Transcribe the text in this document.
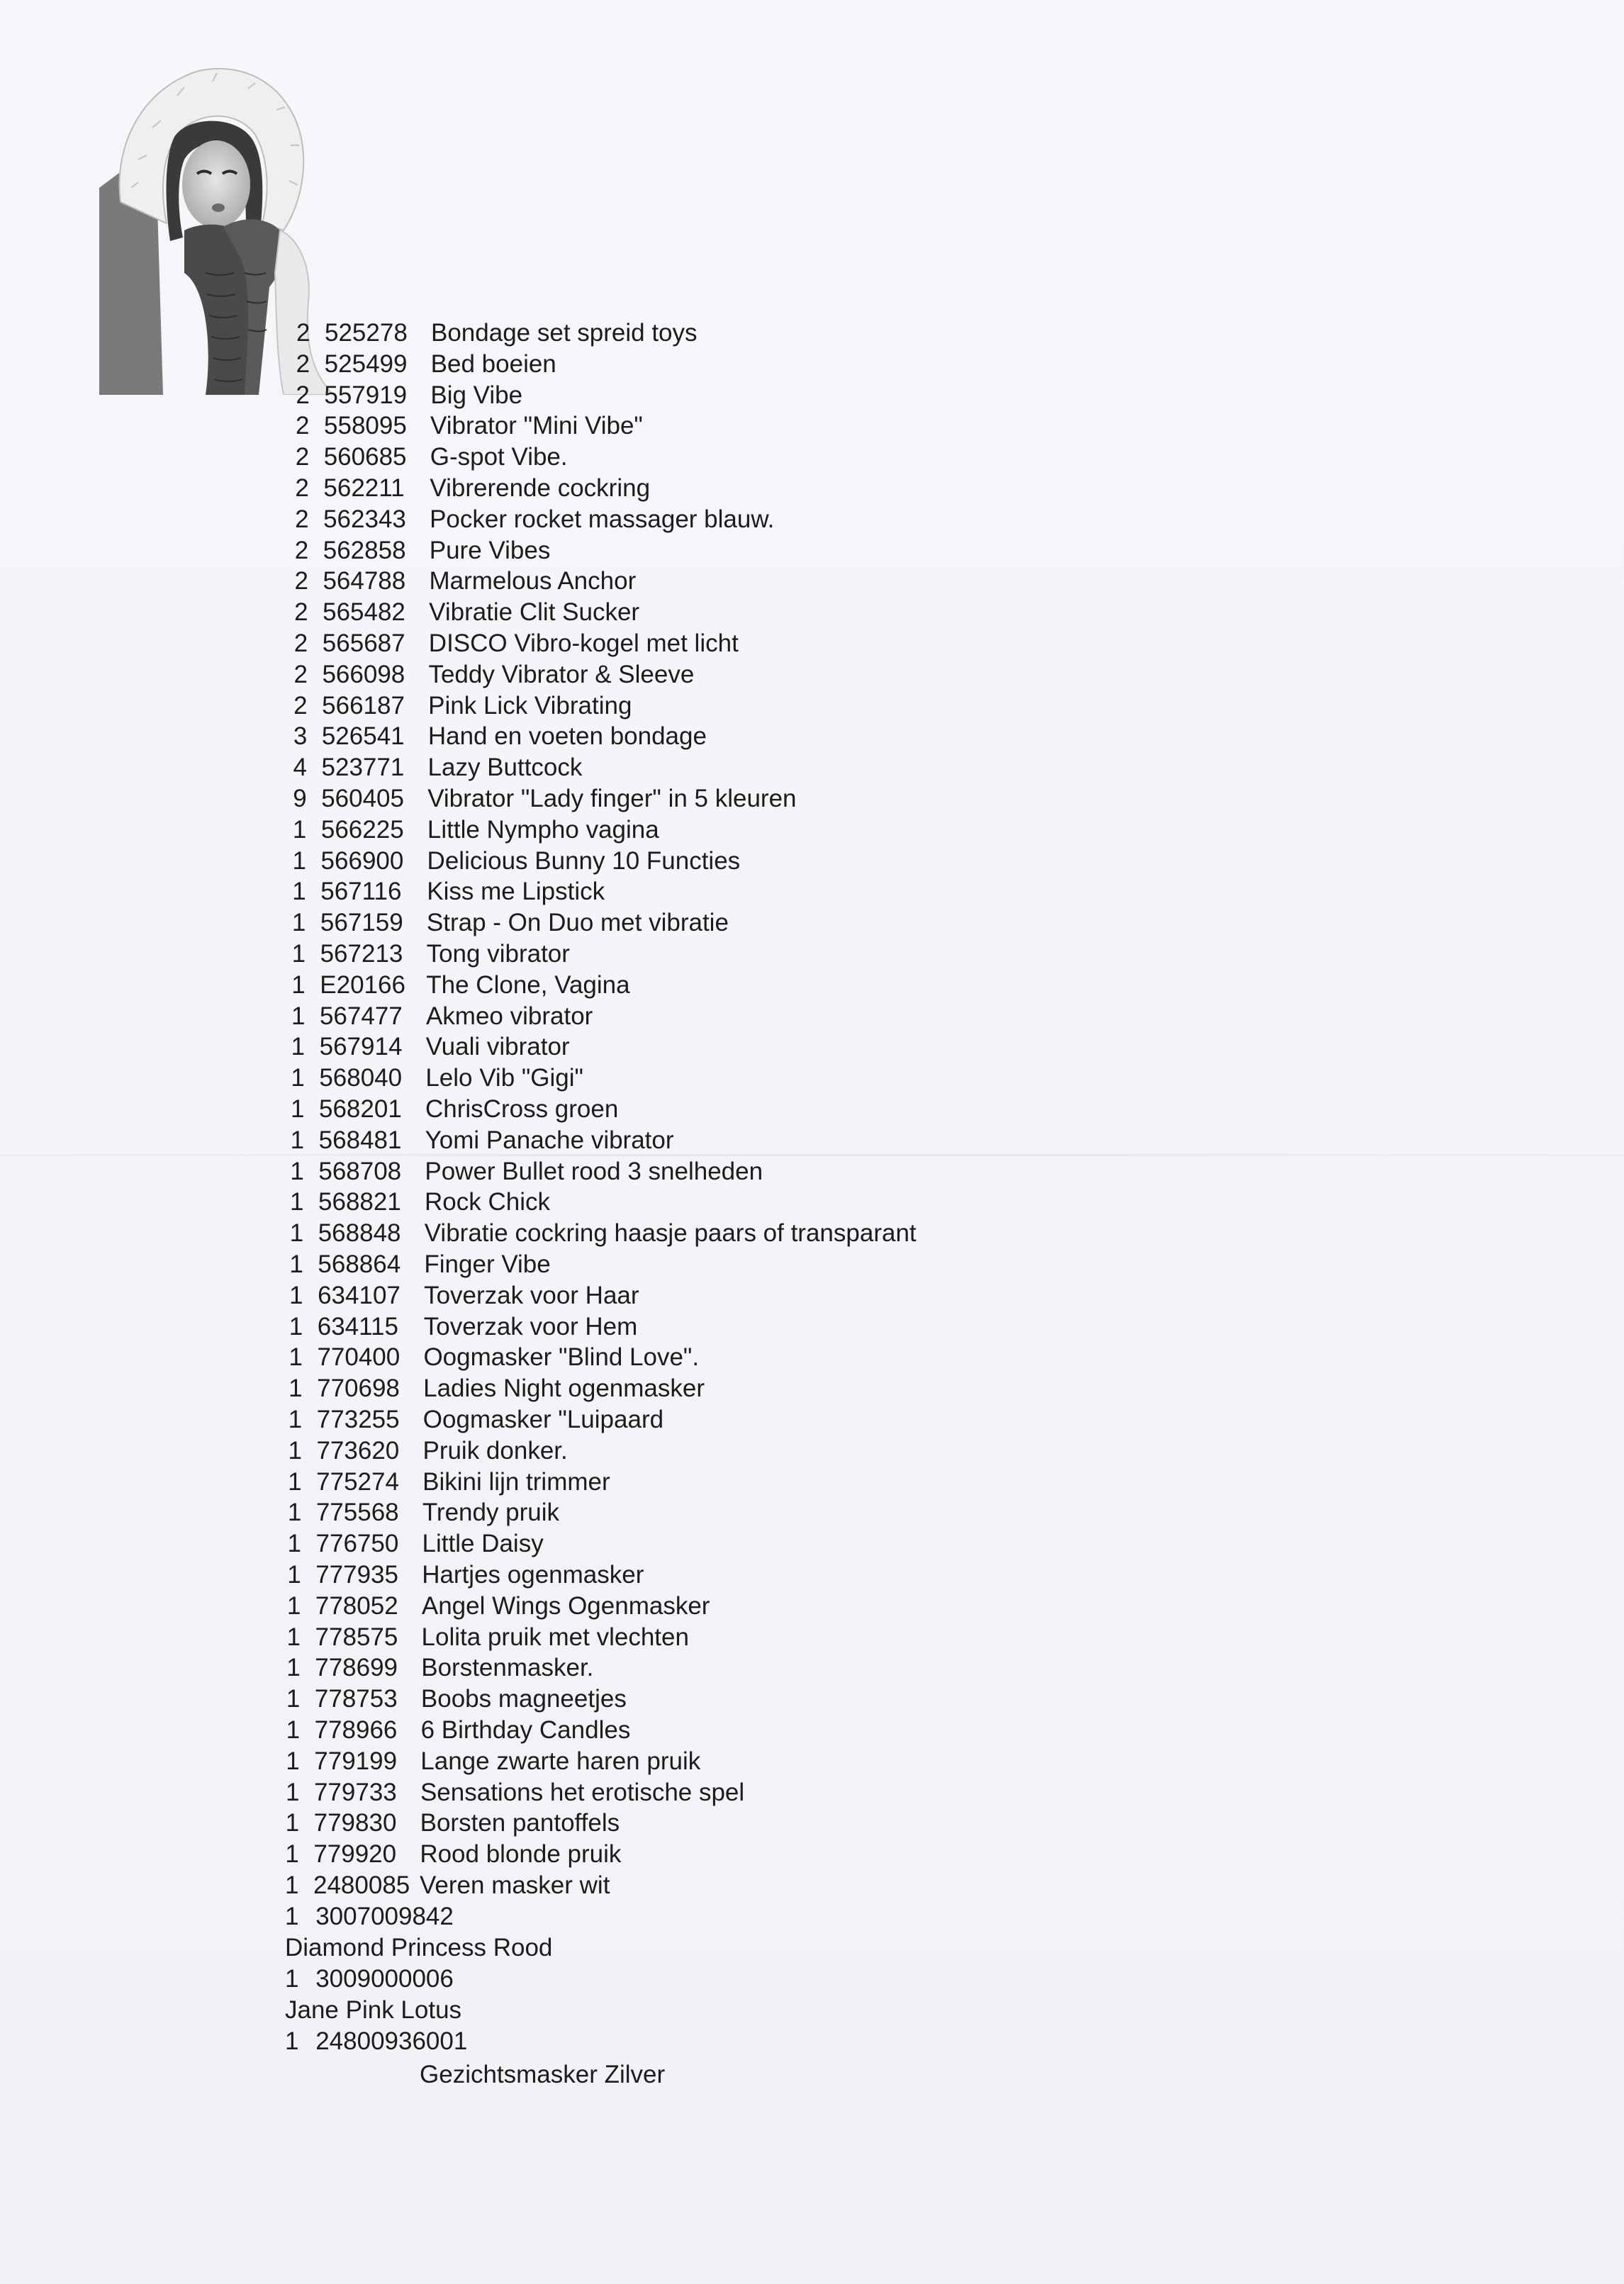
2 525278 Bondage set spreid toys
2 525499 Bed boeien
2 557919 Big Vibe
2 558095 Vibrator "Mini Vibe"
2 560685 G-spot Vibe.
2 562211 Vibrerende cockring
2 562343 Pocker rocket massager blauw.
2 562858 Pure Vibes
2 564788 Marmelous Anchor
2 565482 Vibratie Clit Sucker
2 565687 DISCO Vibro-kogel met licht
2 566098 Teddy Vibrator & Sleeve
2 566187 Pink Lick Vibrating
3 526541 Hand en voeten bondage
4 523771 Lazy Buttcock
9 560405 Vibrator "Lady finger" in 5 kleuren
1 566225 Little Nympho vagina
1 566900 Delicious Bunny 10 Functies
1 567116 Kiss me Lipstick
1 567159 Strap - On Duo met vibratie
1 567213 Tong vibrator
1 E20166 The Clone, Vagina
1 567477 Akmeo vibrator
1 567914 Vuali vibrator
1 568040 Lelo Vib "Gigi"
1 568201 ChrisCross groen
1 568481 Yomi Panache vibrator
1 568708 Power Bullet rood 3 snelheden
1 568821 Rock Chick
1 568848 Vibratie cockring haasje paars of transparant
1 568864 Finger Vibe
1 634107 Toverzak voor Haar
1 634115 Toverzak voor Hem
1 770400 Oogmasker "Blind Love".
1 770698 Ladies Night ogenmasker
1 773255 Oogmasker "Luipaard
1 773620 Pruik donker.
1 775274 Bikini lijn trimmer
1 775568 Trendy pruik
1 776750 Little Daisy
1 777935 Hartjes ogenmasker
1 778052 Angel Wings Ogenmasker
1 778575 Lolita pruik met vlechten
1 778699 Borstenmasker.
1 778753 Boobs magneetjes
1 778966 6 Birthday Candles
1 779199 Lange zwarte haren pruik
1 779733 Sensations het erotische spel
1 779830 Borsten pantoffels
1 779920 Rood blonde pruik
1 2480085 Veren masker wit
1 3007009842
Diamond Princess Rood
1 3009000006
Jane Pink Lotus
1 24800936001
Gezichtsmasker Zilver
